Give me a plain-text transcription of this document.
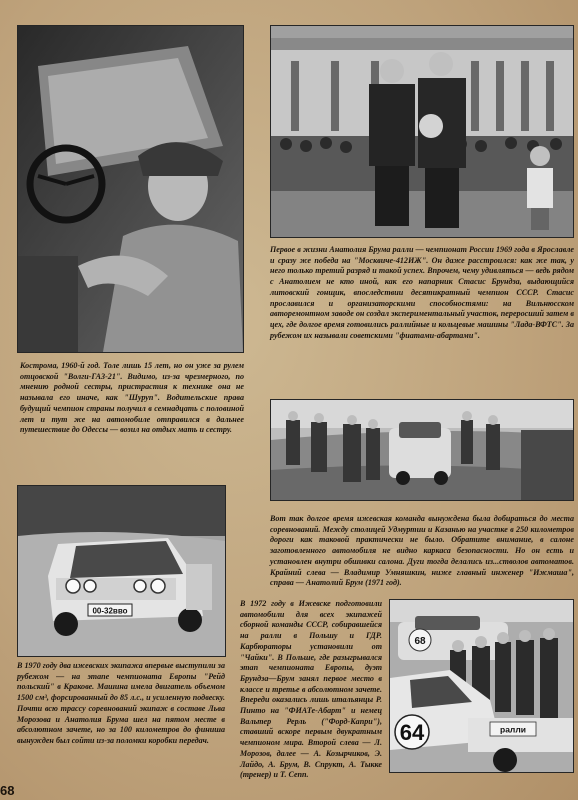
Кострома, 1960-й год. Толе лишь 15 лет, но он уже за рулем отцовской "Волги-ГАЗ-21". Видимо, из-за чрезмерного, по мнению родной сестры, пристрастия к технике она не называла его иначе, как "Шуруп". Водительские права будущий чемпион страны получил в семнадцать с половиной лет и тут же на автомобиле отправился в дальнее путешествие до Одессы — возил на отдых мать и сестру.
Первое в жизни Анатолия Брума ралли — чемпионат России 1969 года в Ярославле и сразу же победа на "Москвиче-412ИЖ". Он даже расстроился: как же так, у него только третий разряд и такой успех. Впрочем, чему удивляться — ведь рядом с Анатолием не кто иной, как его напарник Стасис Брундза, выдающийся литовский гонщик, впоследствии десятикратный чемпион СССР. Стасис прославился и организаторскими способностями: на Вильнюсском авторемонтном заводе он создал экспериментальный участок, переросший затем в цех, где долгое время готовились раллийные и кольцевые машины "Лада-ВФТС". За рубежом их называли советскими "фиатами-абартами".
Вот так долгое время ижевская команда вынуждена была добираться до места соревнований. Между столицей Удмуртии и Казанью на участке в 250 километров дороги как таковой практически не было. Обратите внимание, в салоне заготовленного автомобиля не видно каркаса безопасности. Но он есть и установлен внутри обшивки салона. Дуги тогда делались из...стволов автоматов. Крайний слева — Владимир Умняшкин, ниже главный инженер "Ижмаша", справа — Анатолий Брум (1971 год).
00-32вво
В 1970 году два ижевских экипажа впервые выступили за рубежом — на этапе чемпионата Европы "Рейд польский" в Кракове. Машина имела двигатель объемом 1500 см³, форсированный до 85 л.с., и усиленную подвеску. Почти всю трассу соревнований экипаж в составе Льва Морозова и Анатолия Брума шел на пятом месте в абсолютном зачете, но за 100 километров до финиша вынужден был сойти из-за поломки коробки передач.
В 1972 году в Ижевске подготовили автомобили для всех экипажей сборной команды СССР, собиравшейся на ралли в Польшу и ГДР. Карбюраторы установили от "Чайки". В Польше, где разыгрывался этап чемпионата Европы, дуэт Брундза—Брум занял первое место в классе и третье в абсолютном зачете. Впереди оказались лишь итальянцы Р. Пинто на "ФИАТе-Абарт" и немец Вальтер Рерль ("Форд-Капри"), ставший вскоре первым двукратным чемпионом мира. Второй слева — Л. Морозов, далее — А. Козырчиков, Э. Лайдо, А. Брум, В. Спрукт, А. Тыкке (тренер) и Т. Сепп.
68
64	ралли
68
